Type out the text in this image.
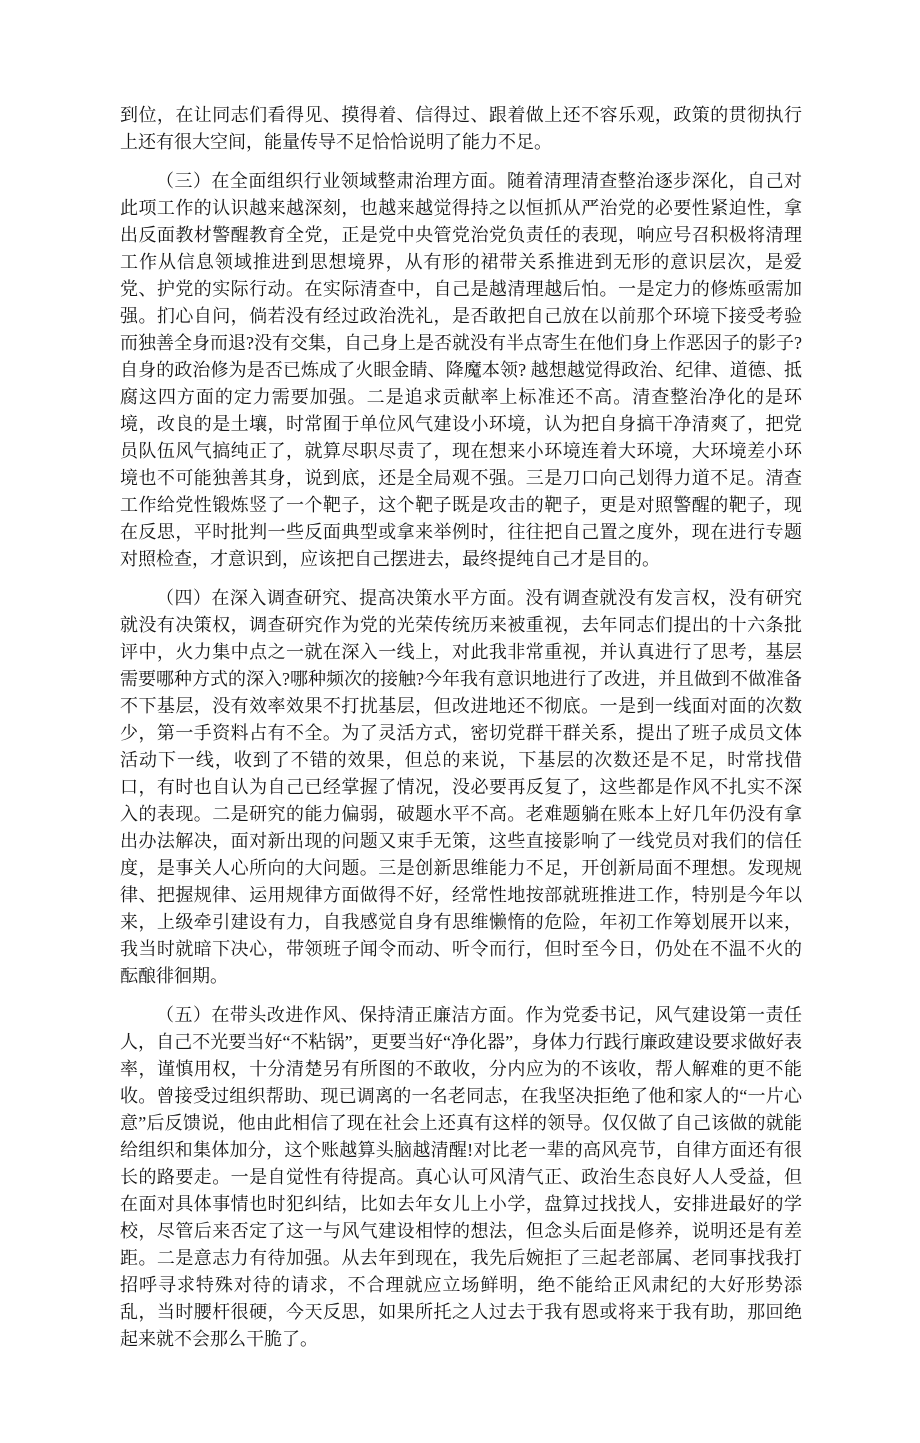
到位，在让同志们看得见、摸得着、信得过、跟着做上还不容乐观，政策的贯彻执行上还有很大空间，能量传导不足恰恰说明了能力不足。

（三）在全面组织行业领域整肃治理方面。随着清理清查整治逐步深化，自己对此项工作的认识越来越深刻，也越来越觉得持之以恒抓从严治党的必要性紧迫性，拿出反面教材警醒教育全党，正是党中央管党治党负责任的表现，响应号召积极将清理工作从信息领域推进到思想境界，从有形的裙带关系推进到无形的意识层次，是爱党、护党的实际行动。在实际清查中，自己是越清理越后怕。一是定力的修炼亟需加强。扪心自问，倘若没有经过政治洗礼，是否敢把自己放在以前那个环境下接受考验而独善全身而退?没有交集，自己身上是否就没有半点寄生在他们身上作恶因子的影子? 自身的政治修为是否已炼成了火眼金睛、降魔本领? 越想越觉得政治、纪律、道德、抵腐这四方面的定力需要加强。二是追求贡献率上标准还不高。清查整治净化的是环境，改良的是土壤，时常囿于单位风气建设小环境，认为把自身搞干净清爽了，把党员队伍风气搞纯正了，就算尽职尽责了，现在想来小环境连着大环境，大环境差小环境也不可能独善其身，说到底，还是全局观不强。三是刀口向己划得力道不足。清查工作给党性锻炼竖了一个靶子，这个靶子既是攻击的靶子，更是对照警醒的靶子，现在反思，平时批判一些反面典型或拿来举例时，往往把自己置之度外，现在进行专题对照检查，才意识到，应该把自己摆进去，最终提纯自己才是目的。

（四）在深入调查研究、提高决策水平方面。没有调查就没有发言权，没有研究就没有决策权，调查研究作为党的光荣传统历来被重视，去年同志们提出的十六条批评中，火力集中点之一就在深入一线上，对此我非常重视，并认真进行了思考，基层需要哪种方式的深入?哪种频次的接触?今年我有意识地进行了改进，并且做到不做准备不下基层，没有效率效果不打扰基层，但改进地还不彻底。一是到一线面对面的次数少，第一手资料占有不全。为了灵活方式，密切党群干群关系，提出了班子成员文体活动下一线，收到了不错的效果，但总的来说，下基层的次数还是不足，时常找借口，有时也自认为自己已经掌握了情况，没必要再反复了，这些都是作风不扎实不深入的表现。二是研究的能力偏弱，破题水平不高。老难题躺在账本上好几年仍没有拿出办法解决，面对新出现的问题又束手无策，这些直接影响了一线党员对我们的信任度，是事关人心所向的大问题。三是创新思维能力不足，开创新局面不理想。发现规律、把握规律、运用规律方面做得不好，经常性地按部就班推进工作，特别是今年以来，上级牵引建设有力，自我感觉自身有思维懒惰的危险，年初工作筹划展开以来，我当时就暗下决心，带领班子闻令而动、听令而行，但时至今日，仍处在不温不火的酝酿徘徊期。

（五）在带头改进作风、保持清正廉洁方面。作为党委书记，风气建设第一责任人，自己不光要当好“不粘锅”，更要当好“净化器”，身体力行践行廉政建设要求做好表率，谨慎用权，十分清楚另有所图的不敢收，分内应为的不该收，帮人解难的更不能收。曾接受过组织帮助、现已调离的一名老同志，在我坚决拒绝了他和家人的“一片心意”后反馈说，他由此相信了现在社会上还真有这样的领导。仅仅做了自己该做的就能给组织和集体加分，这个账越算头脑越清醒!对比老一辈的高风亮节，自律方面还有很长的路要走。一是自觉性有待提高。真心认可风清气正、政治生态良好人人受益，但在面对具体事情也时犯纠结，比如去年女儿上小学，盘算过找找人，安排进最好的学校，尽管后来否定了这一与风气建设相悖的想法，但念头后面是修养，说明还是有差距。二是意志力有待加强。从去年到现在，我先后婉拒了三起老部属、老同事找我打招呼寻求特殊对待的请求，不合理就应立场鲜明，绝不能给正风肃纪的大好形势添乱，当时腰杆很硬，今天反思，如果所托之人过去于我有恩或将来于我有助，那回绝起来就不会那么干脆了。
